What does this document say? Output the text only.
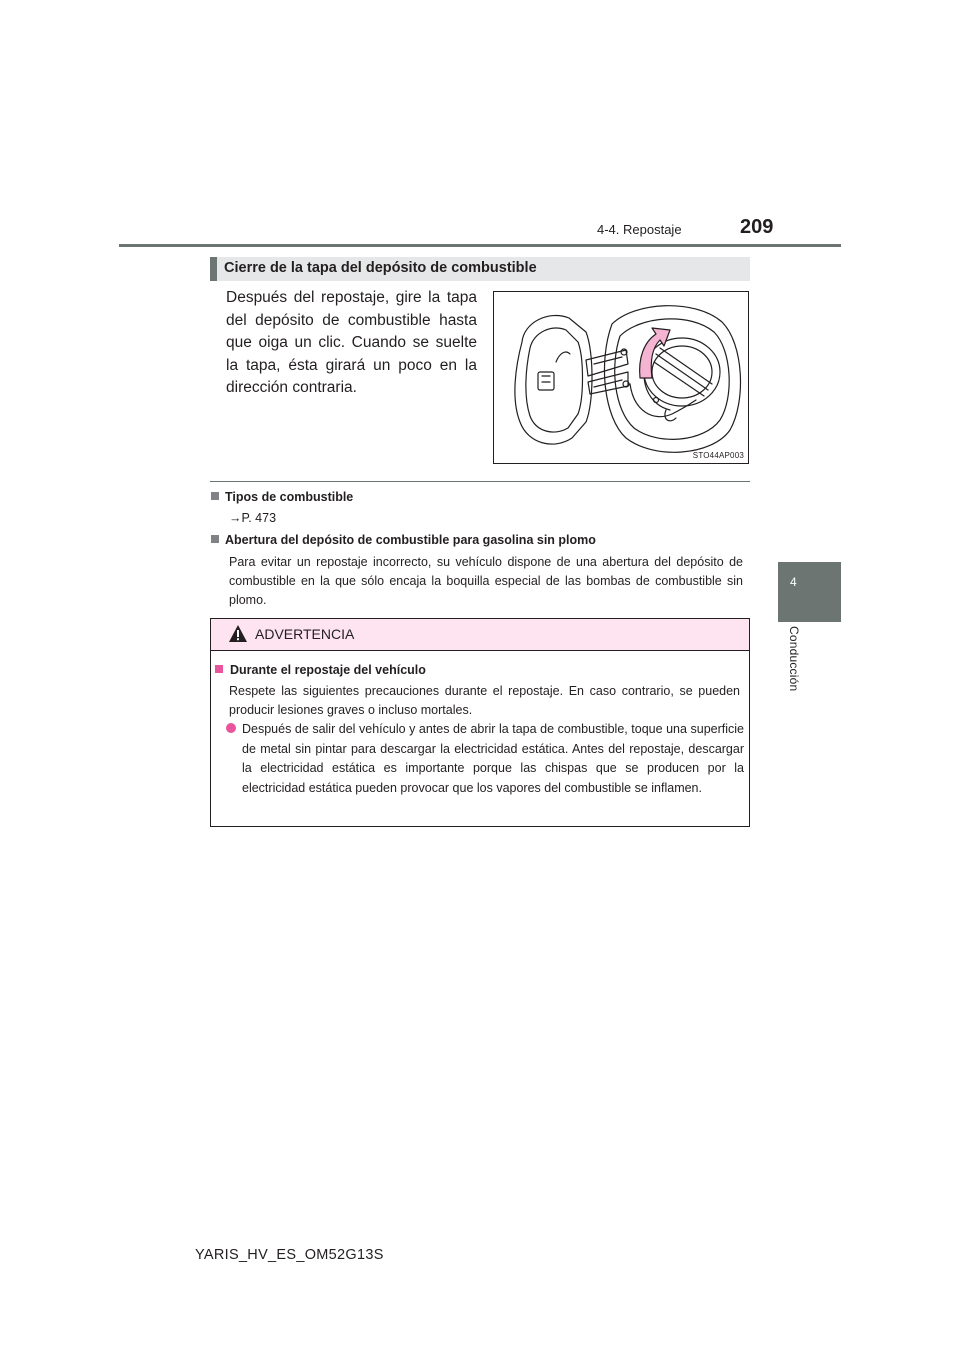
4-4. Repostaje	209
4
Conducción
Cierre de la tapa del depósito de combustible
Después del repostaje, gire la tapa del depósito de combustible hasta que oiga un clic. Cuando se suelte la tapa, ésta girará un poco en la dirección contraria.
STO44AP003
Tipos de combustible
→P. 473
Abertura del depósito de combustible para gasolina sin plomo
Para evitar un repostaje incorrecto, su vehículo dispone de una abertura del depósito de combustible en la que sólo encaja la boquilla especial de las bombas de combustible sin plomo.
ADVERTENCIA
Durante el repostaje del vehículo
Respete las siguientes precauciones durante el repostaje. En caso contrario, se pueden producir lesiones graves o incluso mortales.
Después de salir del vehículo y antes de abrir la tapa de combustible, toque una superficie de metal sin pintar para descargar la electricidad estática. Antes del repostaje, descargar la electricidad estática es importante porque las chispas que se producen por la electricidad estática pueden provocar que los vapores del combustible se inflamen.
YARIS_HV_ES_OM52G13S
